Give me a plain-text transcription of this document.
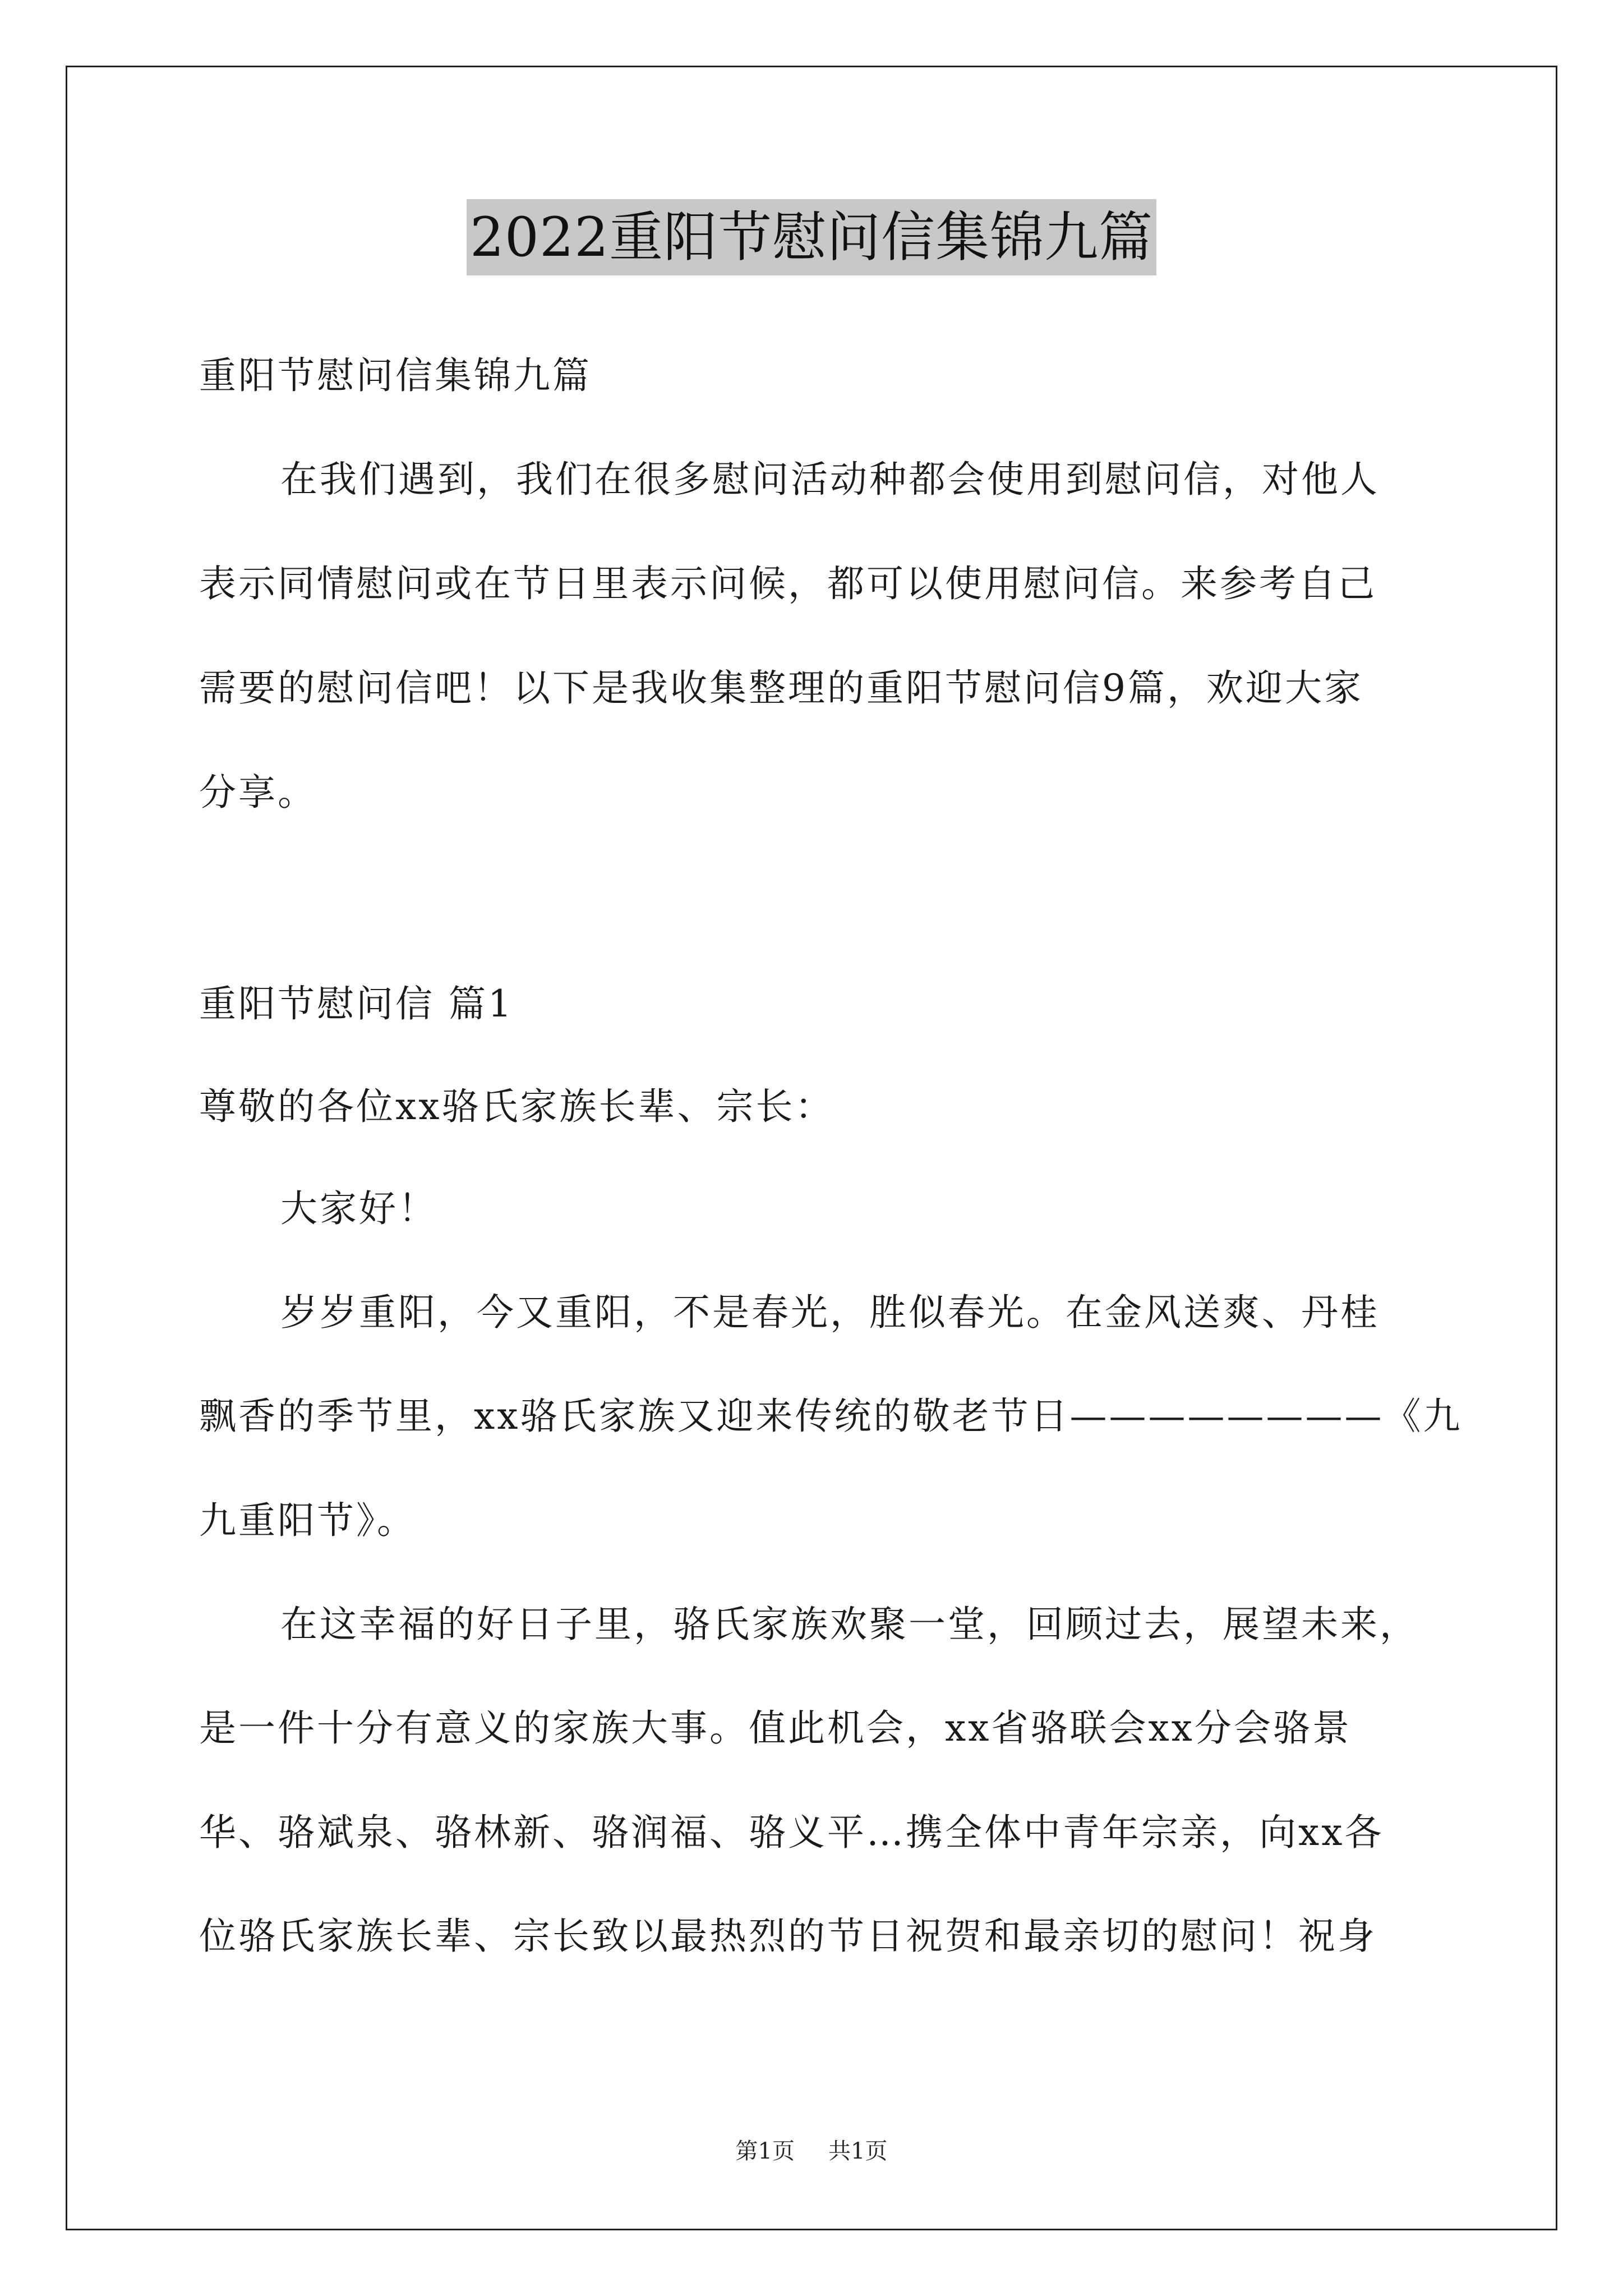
2022重阳节慰问信集锦九篇
重阳节慰问信集锦九篇
在我们遇到，我们在很多慰问活动种都会使用到慰问信，对他人
表示同情慰问或在节日里表示问候，都可以使用慰问信。来参考自己
需要的慰问信吧！以下是我收集整理的重阳节慰问信9篇，欢迎大家
分享。
重阳节慰问信 篇1
尊敬的各位xx骆氏家族长辈、宗长：
大家好！
岁岁重阳，今又重阳，不是春光，胜似春光。在金风送爽、丹桂
飘香的季节里，xx骆氏家族又迎来传统的敬老节日————————《九
九重阳节》。
在这幸福的好日子里，骆氏家族欢聚一堂，回顾过去，展望未来，
是一件十分有意义的家族大事。值此机会，xx省骆联会xx分会骆景
华、骆斌泉、骆林新、骆润福、骆义平…携全体中青年宗亲，向xx各
位骆氏家族长辈、宗长致以最热烈的节日祝贺和最亲切的慰问！祝身
第1页 共1页
